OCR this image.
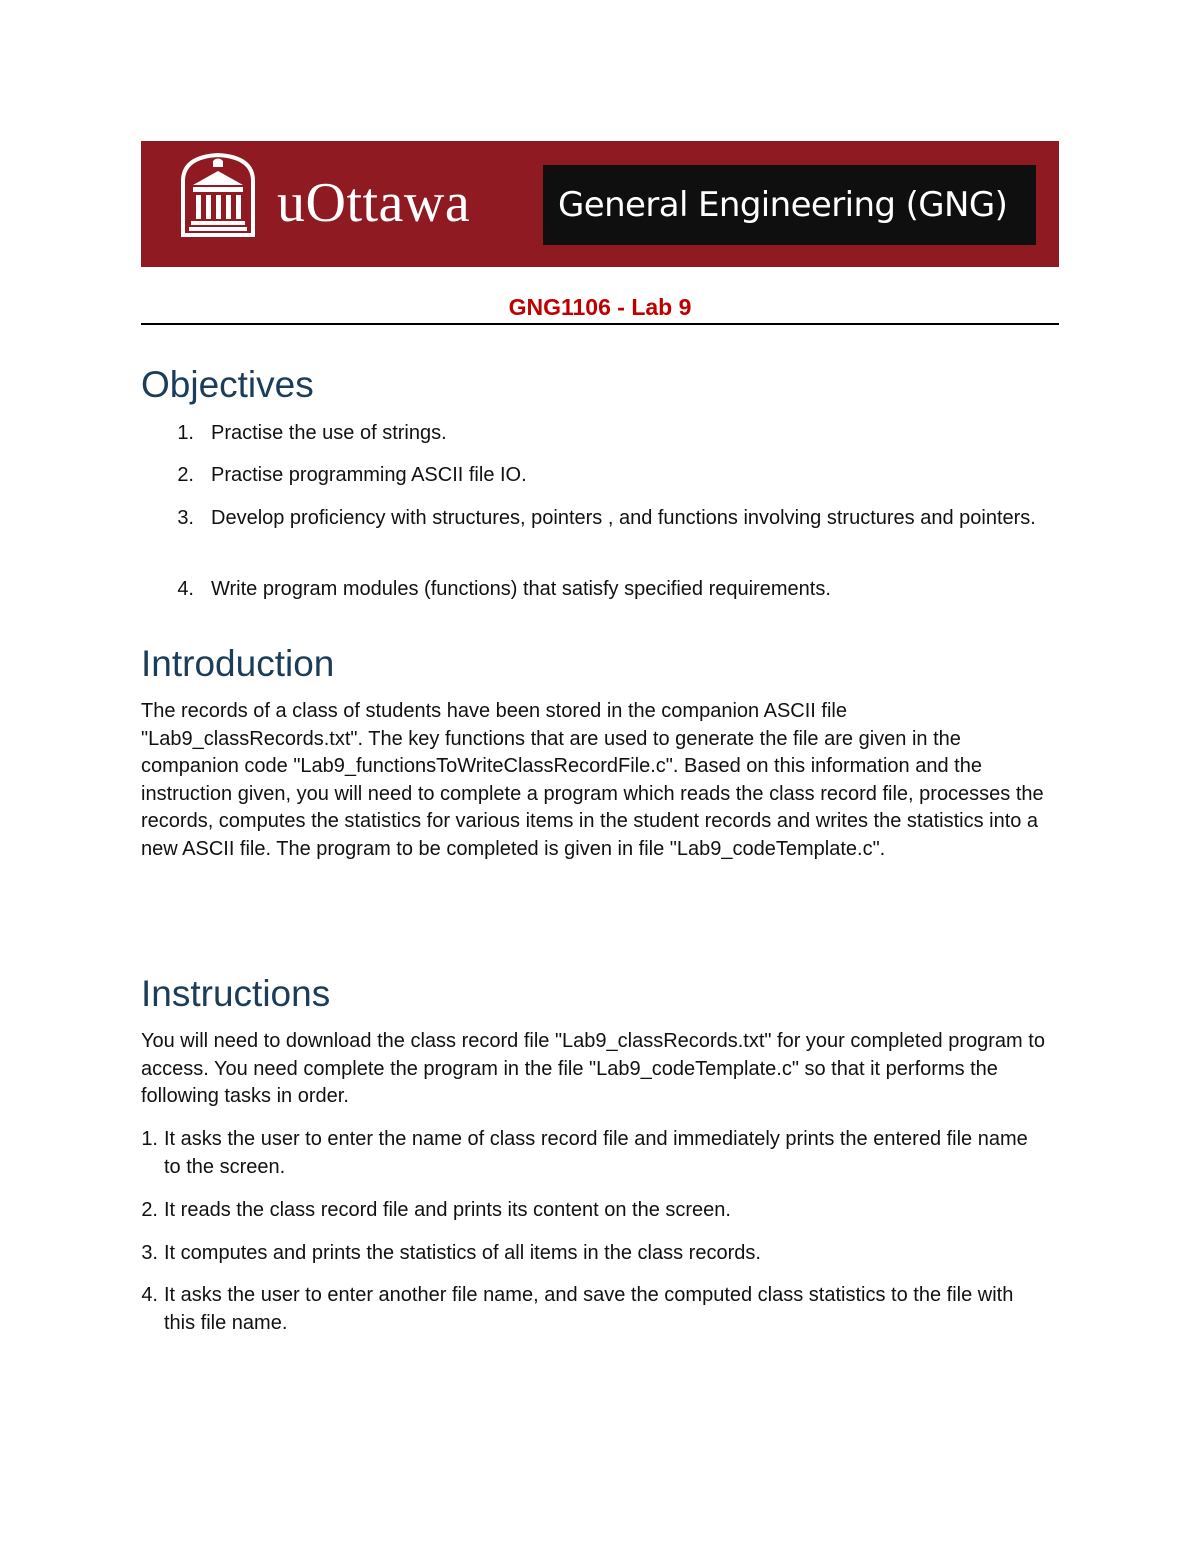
uOttawa	General Engineering (GNG)
GNG1106 - Lab 9
Objectives
1. Practise the use of strings.
2. Practise programming ASCII file IO.
3. Develop proficiency with structures, pointers , and functions involving structures and pointers.
4. Write program modules (functions) that satisfy specified requirements.
Introduction

The records of a class of students have been stored in the companion ASCII file "Lab9_classRecords.txt". The key functions that are used to generate the file are given in the companion code "Lab9_functionsToWriteClassRecordFile.c". Based on this information and the instruction given, you will need to complete a program which reads the class record file, processes the records, computes the statistics for various items in the student records and writes the statistics into a new ASCII file. The program to be completed is given in file "Lab9_codeTemplate.c".

Instructions

You will need to download the class record file "Lab9_classRecords.txt" for your completed program to access. You need complete the program in the file "Lab9_codeTemplate.c" so that it performs the following tasks in order.

1. It asks the user to enter the name of class record file and immediately prints the entered file name to the screen.
2. It reads the class record file and prints its content on the screen.
3. It computes and prints the statistics of all items in the class records.
4. It asks the user to enter another file name, and save the computed class statistics to the file with this file name.
